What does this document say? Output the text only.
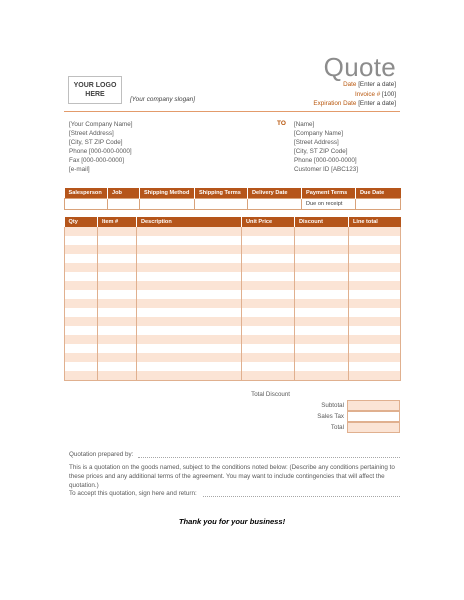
Quote
YOUR LOGO HERE
[Your company slogan]
Date [Enter a date]
Invoice # [100]
Expiration Date [Enter a date]
[Your Company Name]
[Street Address]
[City, ST ZIP Code]
Phone [000-000-0000]
Fax [000-000-0000]
[e-mail]
TO [Name]
[Company Name]
[Street Address]
[City, ST ZIP Code]
Phone [000-000-0000]
Customer ID [ABC123]
Salesperson	Job	Shipping Method	Shipping Terms	Delivery Date	Payment Terms	Due Date
					Due on receipt	
Qty	Item #	Description	Unit Price	Discount	Line total

Total Discount
Subtotal
Sales Tax
Total
Quotation prepared by:
This is a quotation on the goods named, subject to the conditions noted below: (Describe any conditions pertaining to these prices and any additional terms of the agreement. You may want to include contingencies that will affect the quotation.)
To accept this quotation, sign here and return:
Thank you for your business!
